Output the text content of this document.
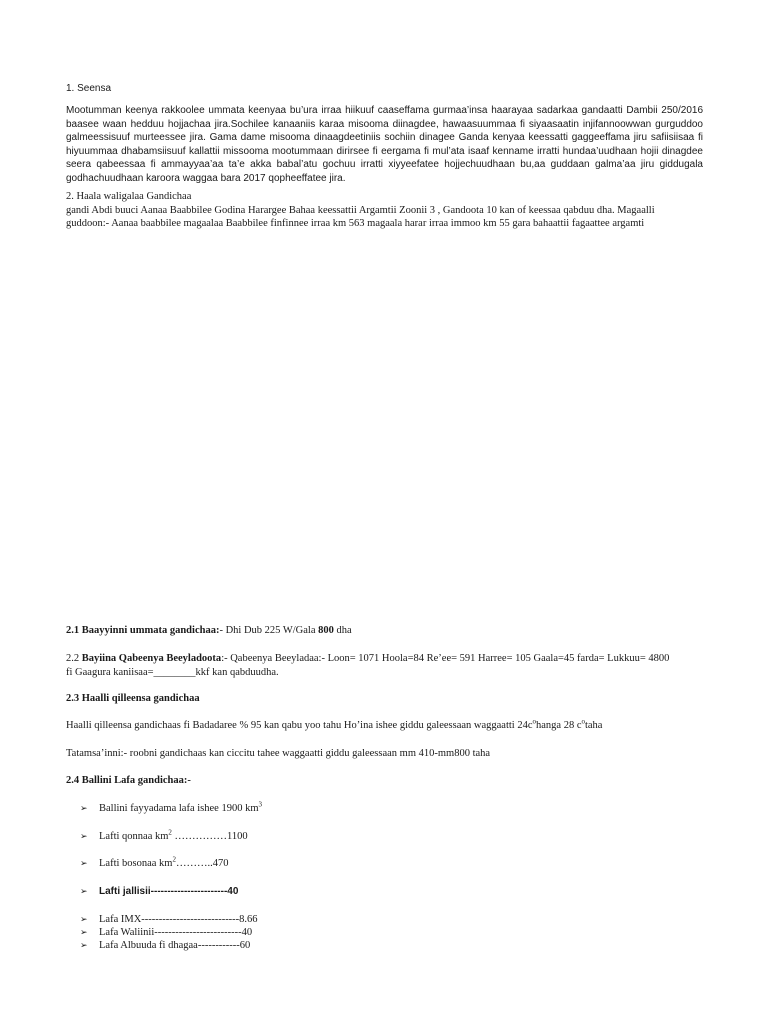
1. Seensa
Mootumman keenya rakkoolee ummata keenyaa bu’ura irraa hiikuuf caaseffama gurmaa’insa haarayaa sadarkaa gandaatti Dambii 250/2016 baasee waan hedduu hojjachaa jira.Sochilee kanaaniis karaa misooma diinagdee, hawaasuummaa fi siyaasaatin injifannoowwan gurguddoo galmeessisuuf murteessee jira. Gama dame misooma dinaagdeetiniis sochiin dinagee Ganda kenyaa keessatti gaggeeffama jiru safiisiisaa fi hiyuummaa dhabamsiisuuf kallattii missooma mootummaan dirirsee fi eergama fi mul’ata isaaf kenname irratti hundaa’uudhaan hojii dinagdee seera qabeessaa fi ammayyaa’aa ta’e akka babal’atu gochuu irratti xiyyeefatee hojjechuudhaan bu,aa guddaan galma’aa jiru giddugala godhachuudhaan karoora waggaa bara 2017 qopheeffatee jira.
2. Haala waligalaa Gandichaa
gandi Abdi buuci Aanaa Baabbilee Godina Harargee Bahaa keessattii Argamtii Zoonii 3 , Gandoota 10 kan of keessaa qabduu dha. Magaalli
guddoon:- Aanaa baabbilee magaalaa Baabbilee finfinnee irraa km 563 magaala harar irraa immoo km 55 gara bahaattii fagaattee argamti
2.1 Baayyinni ummata gandichaa:- Dhi Dub 225 W/Gala 800 dha
2.2 Bayiina Qabeenya Beeyladoota:- Qabeenya Beeyladaa:- Loon= 1071 Hoola=84 Re’ee= 591 Harree= 105 Gaala=45 farda= Lukkuu= 4800
fi Gaagura kaniisaa=________kkf kan qabduudha.
2.3 Haalli qilleensa gandichaa
Haalli qilleensa gandichaas fi Badadaree % 95 kan qabu yoo tahu Ho’ina ishee giddu galeessaan waggaatti $24c^ohanga$ 28 $c^otaha$
Tatamsa’inni:- roobni gandichaas kan ciccitu tahee waggaatti giddu galeessaan mm 410-mm800 taha
2.4 Ballini Lafa gandichaa:-
➢ Ballini fayyadama lafa ishee 1900 $km^3$
➢ Lafti qonnaa $km^2$ ……………1100
➢ Lafti bosonaa $km^2\dots\dots\dots..470$
➢ Lafti jallisii-----------------------40
➢ Lafa IMX----------------------------8.66
➢ Lafa Waliinii-------------------------40
➢ Lafa Albuuda fi dhagaa------------60
